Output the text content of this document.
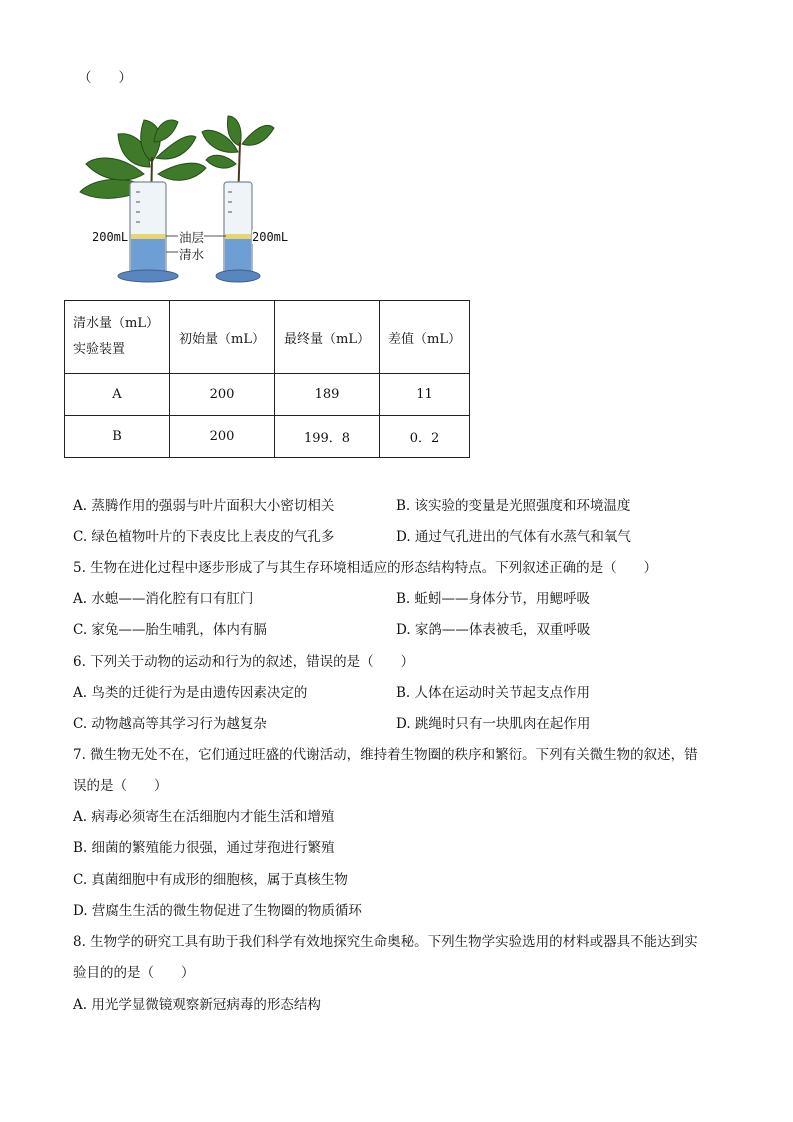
（　　）
200mL	200mL
油层
清水
清水量（mL）
实验装置	初始量（mL）	最终量（mL）	差值（mL）
A	200	189	11
B	200	199．8	0．2
A. 蒸腾作用的强弱与叶片面积大小密切相关	B. 该实验的变量是光照强度和环境温度
C. 绿色植物叶片的下表皮比上表皮的气孔多	D. 通过气孔进出的气体有水蒸气和氧气
5. 生物在进化过程中逐步形成了与其生存环境相适应的形态结构特点。下列叙述正确的是（　　）
A. 水螅——消化腔有口有肛门	B. 蚯蚓——身体分节，用鳃呼吸
C. 家兔——胎生哺乳，体内有膈	D. 家鸽——体表被毛，双重呼吸
6. 下列关于动物的运动和行为的叙述，错误的是（　　）
A. 鸟类的迁徙行为是由遗传因素决定的	B. 人体在运动时关节起支点作用
C. 动物越高等其学习行为越复杂	D. 跳绳时只有一块肌肉在起作用
7. 微生物无处不在，它们通过旺盛的代谢活动，维持着生物圈的秩序和繁衍。下列有关微生物的叙述，错
误的是（　　）
A. 病毒必须寄生在活细胞内才能生活和增殖
B. 细菌的繁殖能力很强，通过芽孢进行繁殖
C. 真菌细胞中有成形的细胞核，属于真核生物
D. 营腐生生活的微生物促进了生物圈的物质循环
8. 生物学的研究工具有助于我们科学有效地探究生命奥秘。下列生物学实验选用的材料或器具不能达到实
验目的的是（　　）
A. 用光学显微镜观察新冠病毒的形态结构
